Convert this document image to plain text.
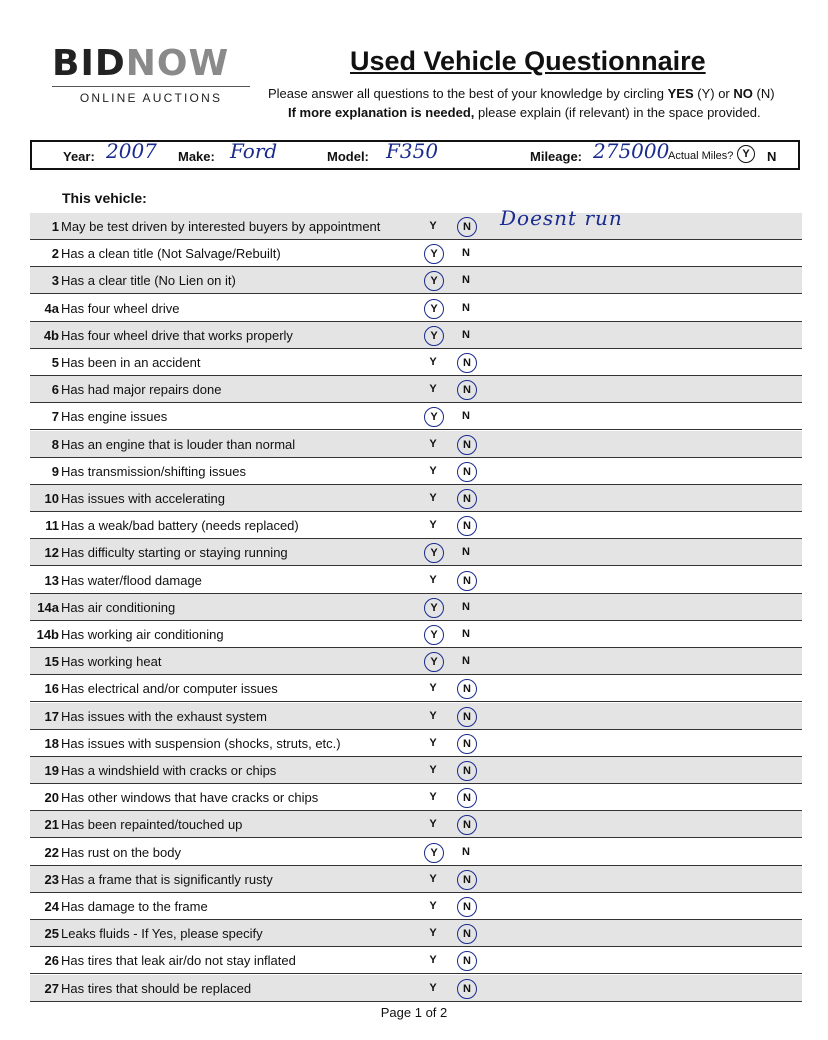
BIDNOW
ONLINE AUCTIONS
Used Vehicle Questionnaire
Please answer all questions to the best of your knowledge by circling YES (Y) or NO (N)
If more explanation is needed, please explain (if relevant) in the space provided.
Year: 2007 Make: Ford	Model: F350	Mileage: 275000
Actual Miles? Y	N
This vehicle:
1 May be test driven by interested buyers by appointment	Y	N	Doesnt run
2 Has a clean title (Not Salvage/Rebuilt)	Y	N
3 Has a clear title (No Lien on it)	Y	N
4a Has four wheel drive	Y	N
4b Has four wheel drive that works properly	Y	N
5 Has been in an accident	Y	N
6 Has had major repairs done	Y	N
7 Has engine issues	Y	N
8 Has an engine that is louder than normal	Y	N
9 Has transmission/shifting issues	Y	N
10 Has issues with accelerating	Y	N
11 Has a weak/bad battery (needs replaced)	Y	N
12 Has difficulty starting or staying running	Y	N
13 Has water/flood damage	Y	N
14a Has air conditioning	Y	N
14b Has working air conditioning	Y	N
15 Has working heat	Y	N
16 Has electrical and/or computer issues	Y	N
17 Has issues with the exhaust system	Y	N
18 Has issues with suspension (shocks, struts, etc.)	Y	N
19 Has a windshield with cracks or chips	Y	N
20 Has other windows that have cracks or chips	Y	N
21 Has been repainted/touched up	Y	N
22 Has rust on the body	Y	N
23 Has a frame that is significantly rusty	Y	N
24 Has damage to the frame	Y	N
25 Leaks fluids - If Yes, please specify	Y	N
26 Has tires that leak air/do not stay inflated	Y	N
27 Has tires that should be replaced	Y	N
Page 1 of 2
